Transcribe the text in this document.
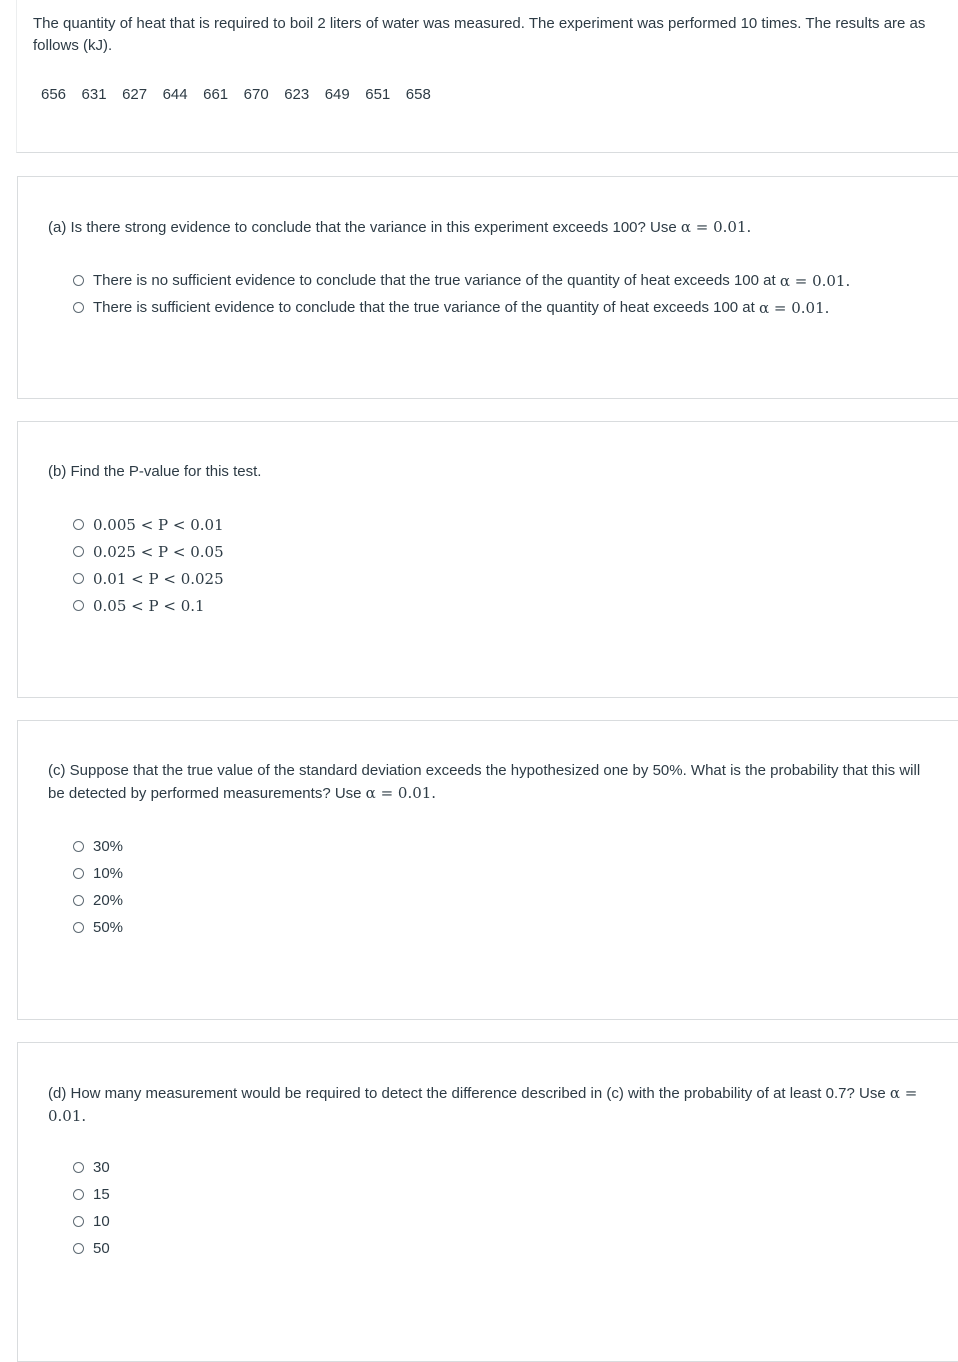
The quantity of heat that is required to boil 2 liters of water was measured. The experiment was performed 10 times. The results are as follows (kJ).
656 631 627 644 661 670 623 649 651 658
(a) Is there strong evidence to conclude that the variance in this experiment exceeds 100? Use α = 0.01.
There is no sufficient evidence to conclude that the true variance of the quantity of heat exceeds 100 at
α = 0.01.
There is sufficient evidence to conclude that the true variance of the quantity of heat exceeds 100 at
α = 0.01.
(b) Find the P-value for this test.
0.005 < P < 0.01
0.025 < P < 0.05
0.01 < P < 0.025
0.05 < P < 0.1
(c) Suppose that the true value of the standard deviation exceeds the hypothesized one by 50%. What is the probability that this will be detected by performed measurements? Use α = 0.01.
30%
10%
20%
50%
(d) How many measurement would be required to detect the difference described in (c) with the probability of at least 0.7? Use α = 0.01.
30
15
10
50
